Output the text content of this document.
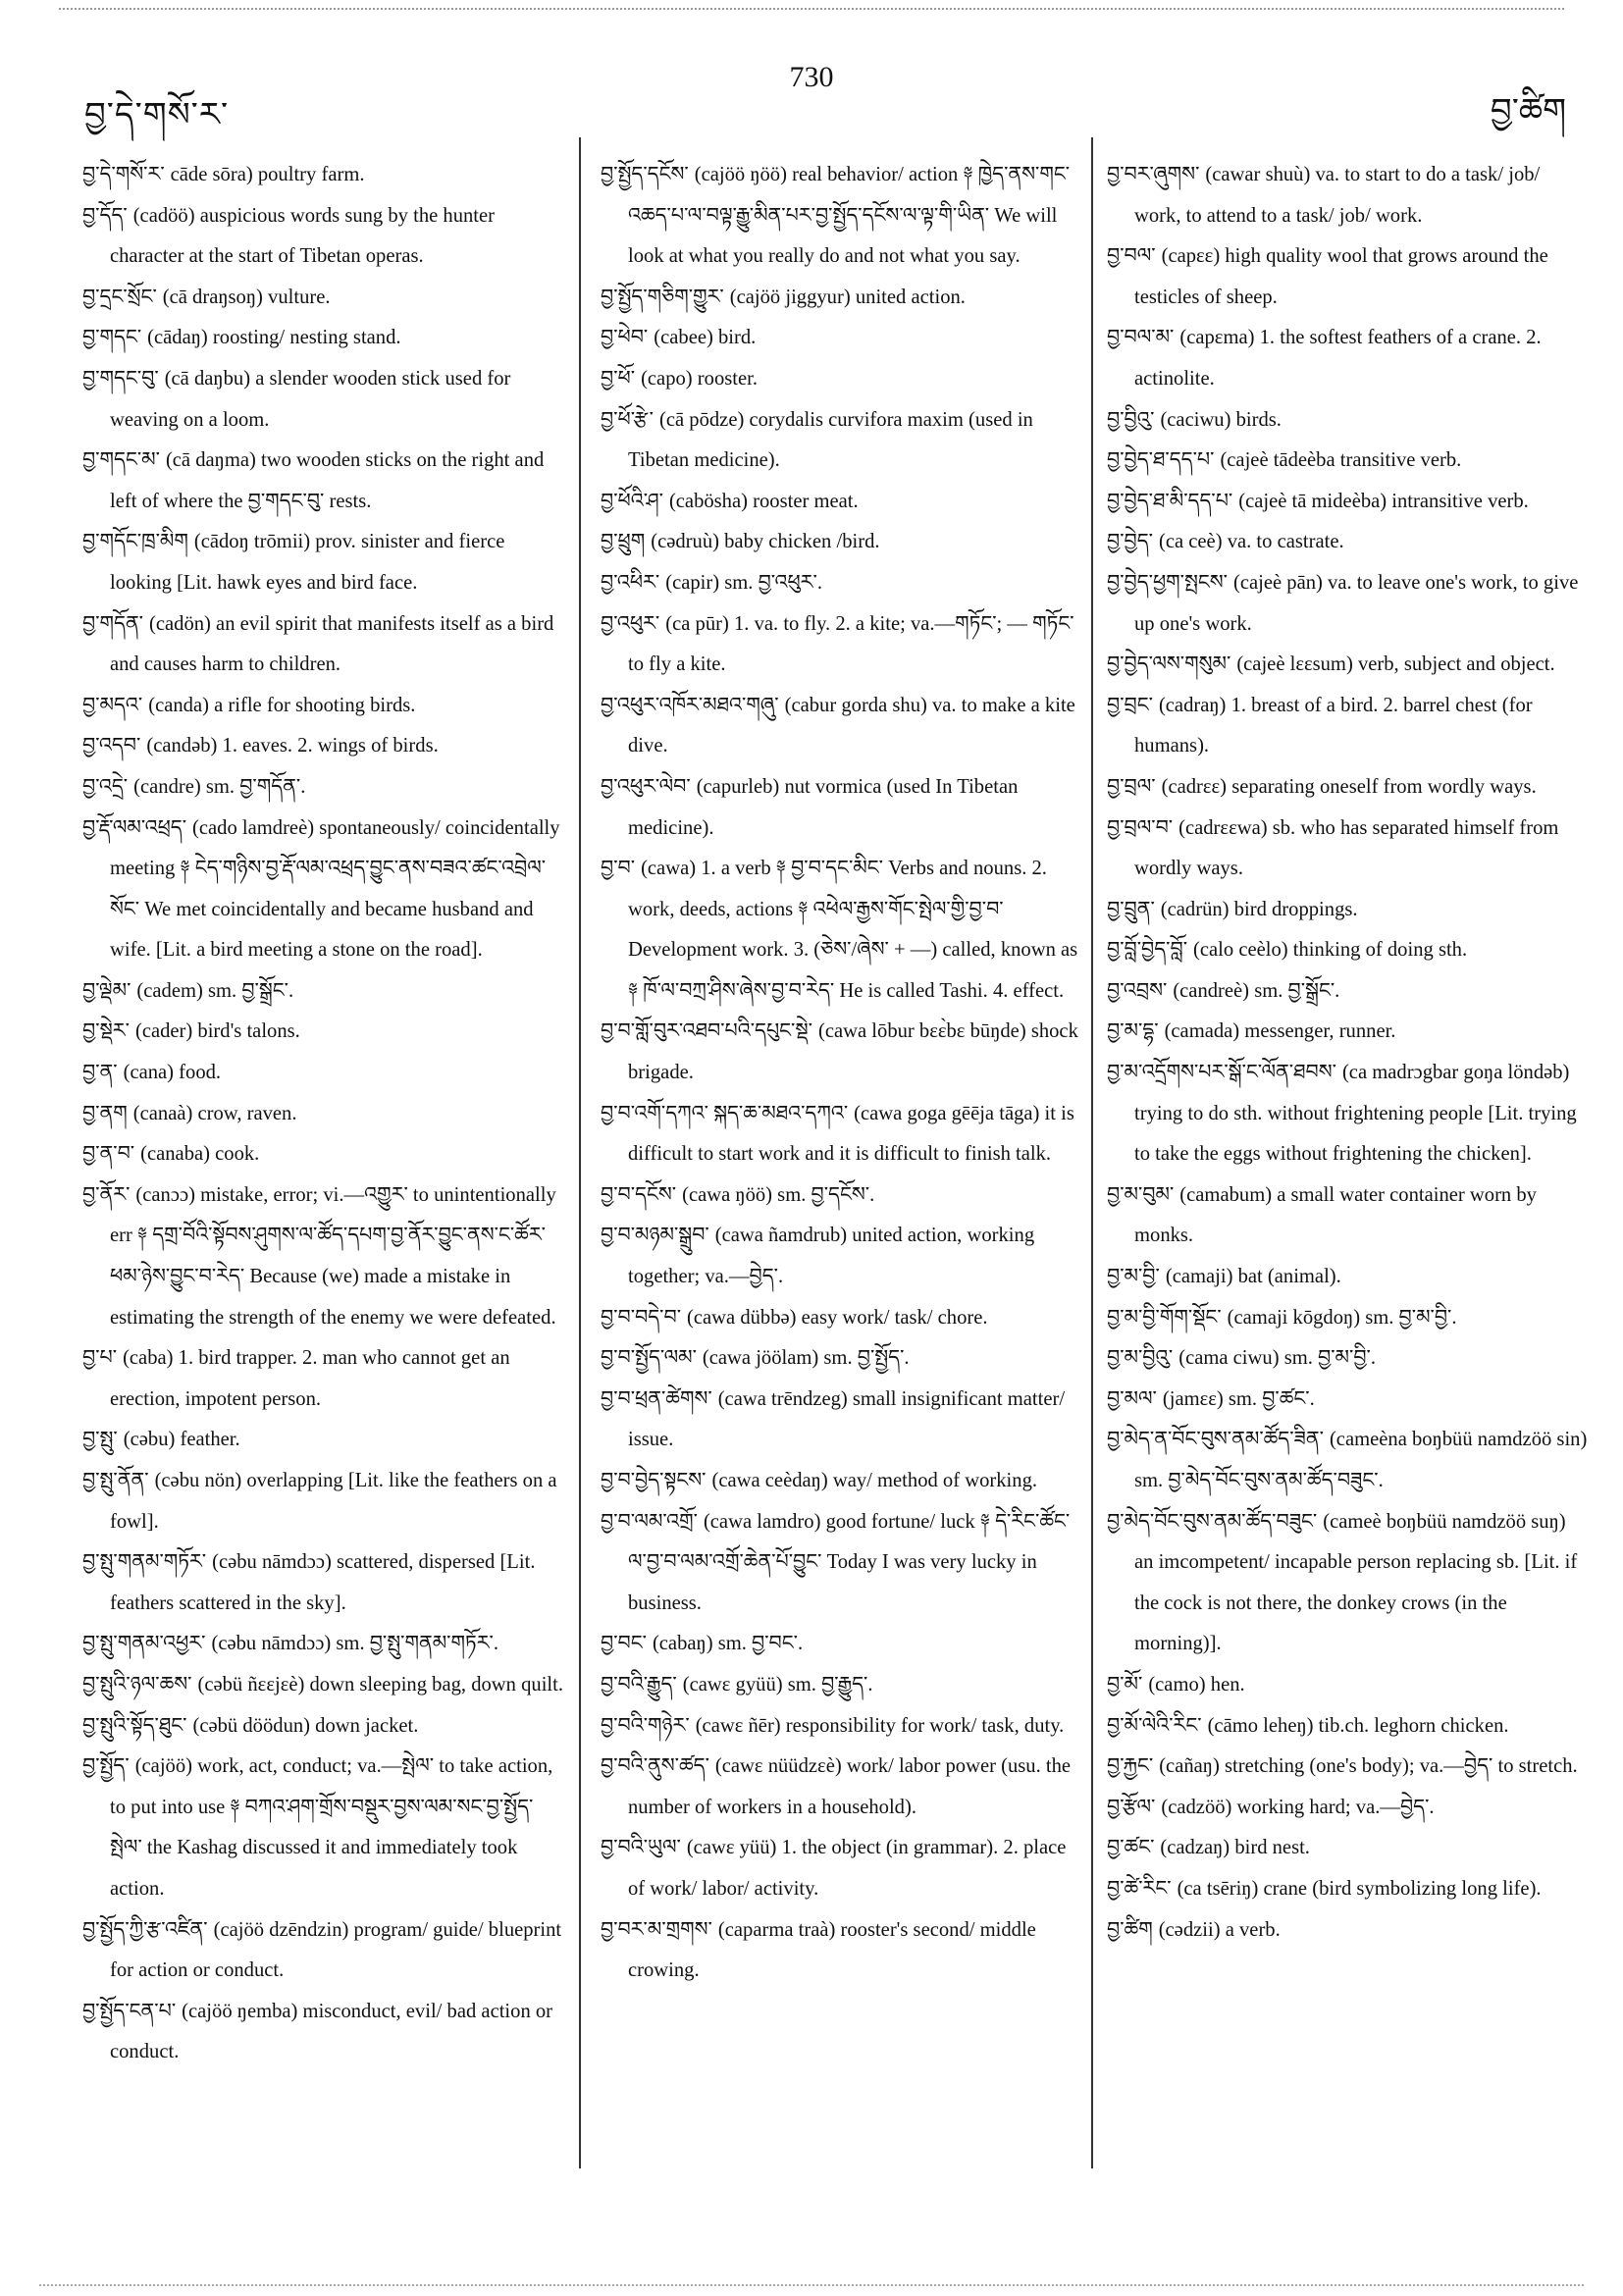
བྱ་དེ་གསོ་ར་
730
བྱ་ཚིག

བྱ་དེ་གསོ་ར་ cāde sōra) poultry farm.

བྱ་དོད་ (cadöö) auspicious words sung by the hunter character at the start of Tibetan operas.

བྱ་དྲང་སྲོང་ (cā draŋsoŋ) vulture.

བྱ་གདང་ (cādaŋ) roosting/ nesting stand.

བྱ་གདང་བུ་ (cā daŋbu) a slender wooden stick used for weaving on a loom.

བྱ་གདང་མ་ (cā daŋma) two wooden sticks on the right and left of where the བྱ་གདང་བུ་ rests.

བྱ་གདོང་ཁྲ་མིག (cādoŋ trōmii) prov. sinister and fierce looking [Lit. hawk eyes and bird face.

བྱ་གདོན་ (cadön) an evil spirit that manifests itself as a bird and causes harm to children.

བྱ་མདའ་ (canda) a rifle for shooting birds.

བྱ་འདབ་ (candəb) 1. eaves. 2. wings of birds.

བྱ་འདྲེ་ (candre) sm. བྱ་གདོན་.

བྱ་རྡོ་ལམ་འཕྲད་ (cado lamdreè) spontaneously/ coincidentally meeting ༈ ངེད་གཉིས་བྱ་རྡོ་ལམ་འཕྲད་བྱུང་ནས་བཟའ་ཚང་འབྲེལ་སོང་ We met coincidentally and became husband and wife. [Lit. a bird meeting a stone on the road].

བྱ་ལྡེམ་ (cadem) sm. བྱ་སྒྲོང་.

བྱ་སྡེར་ (cader) bird's talons.

བྱ་ན་ (cana) food.

བྱ་ནག (canaà) crow, raven.

བྱ་ན་བ་ (canaba) cook.

བྱ་ནོར་ (canɔɔ) mistake, error; vi.—འགྱུར་ to unintentionally err ༈ དགྲ་བོའི་སྟོབས་ཤུགས་ལ་ཚོད་དཔག་བྱ་ནོར་བྱུང་ནས་ང་ཚོར་ཕམ་ཉེས་བྱུང་བ་རེད་ Because (we) made a mistake in estimating the strength of the enemy we were defeated.

བྱ་པ་ (caba) 1. bird trapper. 2. man who cannot get an erection, impotent person.

བྱ་སྤུ་ (cəbu) feather.

བྱ་སྤུ་ནོན་ (cəbu nön) overlapping [Lit. like the feathers on a fowl].

བྱ་སྤུ་གནམ་གཏོར་ (cəbu nāmdɔɔ) scattered, dispersed [Lit. feathers scattered in the sky].

བྱ་སྤུ་གནམ་འཕྱར་ (cəbu nāmdɔɔ) sm. བྱ་སྤུ་གནམ་གཏོར་.

བྱ་སྤུའི་ཉལ་ཆས་ (cəbü ñɛɛjɛè) down sleeping bag, down quilt.

བྱ་སྤུའི་སྟོད་ཐུང་ (cəbü döödun) down jacket.

བྱ་སྤྱོད་ (cajöö) work, act, conduct; va.—སྤེལ་ to take action, to put into use ༈ བཀའ་ཤག་གྲོས་བསྡུར་བྱས་ལམ་སང་བྱ་སྤྱོད་སྤེལ་ the Kashag discussed it and immediately took action.

བྱ་སྤྱོད་ཀྱི་རྩ་འཛིན་ (cajöö dzēndzin) program/ guide/ blueprint for action or conduct.

བྱ་སྤྱོད་ངན་པ་ (cajöö ŋemba) misconduct, evil/ bad action or conduct.

བྱ་སྤྱོད་དངོས་ (cajöö ŋöö) real behavior/ action ༈ ཁྱེད་ནས་གང་འཆད་པ་ལ་བལྟ་རྒྱུ་མིན་པར་བྱ་སྤྱོད་དངོས་ལ་ལྟ་གི་ཡིན་ We will look at what you really do and not what you say.

བྱ་སྤྱོད་གཅིག་གྱུར་ (cajöö jiggyur) united action.

བྱ་ཕེབ་ (cabee) bird.

བྱ་ཕོ་ (capo) rooster.

བྱ་ཕོ་རྩེ་ (cā pōdze) corydalis curvifora maxim (used in Tibetan medicine).

བྱ་ཕོའི་ཤ་ (cabösha) rooster meat.

བྱ་ཕྲུག (cədruù) baby chicken /bird.

བྱ་འཕིར་ (capir) sm. བྱ་འཕུར་.

བྱ་འཕུར་ (ca pūr) 1. va. to fly. 2. a kite; va.—གཏོང་; — གཏོང་ to fly a kite.

བྱ་འཕུར་འཁོར་མཐའ་གཞུ་ (cabur gorda shu) va. to make a kite dive.

བྱ་འཕུར་ལེབ་ (capurleb) nut vormica (used In Tibetan medicine).

བྱ་བ་ (cawa) 1. a verb ༈ བྱ་བ་དང་མིང་ Verbs and nouns. 2. work, deeds, actions ༈ འཕེལ་རྒྱས་གོང་སྤེལ་གྱི་བྱ་བ་ Development work. 3. (ཅེས་/ཞེས་ + —) called, known as ༈ ཁོ་ལ་བཀྲ་ཤིས་ཞེས་བྱ་བ་རེད་ He is called Tashi. 4. effect.

བྱ་བ་གློ་བུར་འཐབ་པའི་དཔུང་སྡེ་ (cawa lōbur bɛɛ̀bɛ būŋde) shock brigade.

བྱ་བ་འགོ་དཀའ་ སྐད་ཆ་མཐའ་དཀའ་ (cawa goga gēēja tāga) it is difficult to start work and it is difficult to finish talk.

བྱ་བ་དངོས་ (cawa ŋöö) sm. བྱ་དངོས་.

བྱ་བ་མཉམ་སྒྲུབ་ (cawa ñamdrub) united action, working together; va.—བྱེད་.

བྱ་བ་བདེ་བ་ (cawa dübbə) easy work/ task/ chore.

བྱ་བ་སྤྱོད་ལམ་ (cawa jöölam) sm. བྱ་སྤྱོད་.

བྱ་བ་ཕྲན་ཚེགས་ (cawa trēndzeg) small insignificant matter/ issue.

བྱ་བ་བྱེད་སྟངས་ (cawa ceèdaŋ) way/ method of working.

བྱ་བ་ལམ་འགྲོ་ (cawa lamdro) good fortune/ luck ༈ དེ་རིང་ཚོང་ལ་བྱ་བ་ལམ་འགྲོ་ཆེན་པོ་བྱུང་ Today I was very lucky in business.

བྱ་བང་ (cabaŋ) sm. བྱ་བང་.

བྱ་བའི་རྒྱུད་ (cawɛ gyüü) sm. བྱ་རྒྱུད་.

བྱ་བའི་གཉེར་ (cawɛ ñēr) responsibility for work/ task, duty.

བྱ་བའི་ནུས་ཚད་ (cawɛ nüüdzɛè) work/ labor power (usu. the number of workers in a household).

བྱ་བའི་ཡུལ་ (cawɛ yüü) 1. the object (in grammar). 2. place of work/ labor/ activity.

བྱ་བར་མ་གྲགས་ (caparma traà) rooster's second/ middle crowing.

བྱ་བར་ཞུགས་ (cawar shuù) va. to start to do a task/ job/ work, to attend to a task/ job/ work.

བྱ་བལ་ (capɛɛ) high quality wool that grows around the testicles of sheep.

བྱ་བལ་མ་ (capɛma) 1. the softest feathers of a crane. 2. actinolite.

བྱ་བྱིའུ་ (caciwu) birds.

བྱ་བྱེད་ཐ་དད་པ་ (cajeè tādeèba transitive verb.

བྱ་བྱེད་ཐ་མི་དད་པ་ (cajeè tā mideèba) intransitive verb.

བྱ་བྱེད་ (ca ceè) va. to castrate.

བྱ་བྱེད་ཕྱག་སྤངས་ (cajeè pān) va. to leave one's work, to give up one's work.

བྱ་བྱེད་ལས་གསུམ་ (cajeè lɛɛsum) verb, subject and object.

བྱ་བྲང་ (cadraŋ) 1. breast of a bird. 2. barrel chest (for humans).

བྱ་བྲལ་ (cadrɛɛ) separating oneself from wordly ways.

བྱ་བྲལ་བ་ (cadrɛɛwa) sb. who has separated himself from wordly ways.

བྱ་བྲུན་ (cadrün) bird droppings.

བྱ་བློ་བྱེད་བློ་ (calo ceèlo) thinking of doing sth.

བྱ་འབྲས་ (candreè) sm. བྱ་སྒྲོང་.

བྱ་མ་དྷ་ (camada) messenger, runner.

བྱ་མ་འདྲོགས་པར་སྒོ་ང་ལོན་ཐབས་ (ca madrɔgbar goŋa löndəb) trying to do sth. without frightening people [Lit. trying to take the eggs without frightening the chicken].

བྱ་མ་བུམ་ (camabum) a small water container worn by monks.

བྱ་མ་བྱི་ (camaji) bat (animal).

བྱ་མ་བྱི་གོག་སྡོང་ (camaji kōgdoŋ) sm. བྱ་མ་བྱི་.

བྱ་མ་བྱིའུ་ (cama ciwu) sm. བྱ་མ་བྱི་.

བྱ་མལ་ (jamɛɛ) sm. བྱ་ཚང་.

བྱ་མེད་ན་བོང་བུས་ནམ་ཚོད་ཟིན་ (cameèna boŋbüü namdzöö sin) sm. བྱ་མེད་བོང་བུས་ནམ་ཚོད་བཟུང་.

བྱ་མེད་བོང་བུས་ནམ་ཚོད་བཟུང་ (cameè boŋbüü namdzöö suŋ) an imcompetent/ incapable person replacing sb. [Lit. if the cock is not there, the donkey crows (in the morning)].

བྱ་མོ་ (camo) hen.

བྱ་མོ་ལེའི་རིང་ (cāmo leheŋ) tib.ch. leghorn chicken.

བྱ་རྐྱང་ (cañaŋ) stretching (one's body); va.—བྱེད་ to stretch.

བྱ་རྩོལ་ (cadzöö) working hard; va.—བྱེད་.

བྱ་ཚང་ (cadzaŋ) bird nest.

བྱ་ཚེ་རིང་ (ca tsēriŋ) crane (bird symbolizing long life).

བྱ་ཚིག (cədzii) a verb.
